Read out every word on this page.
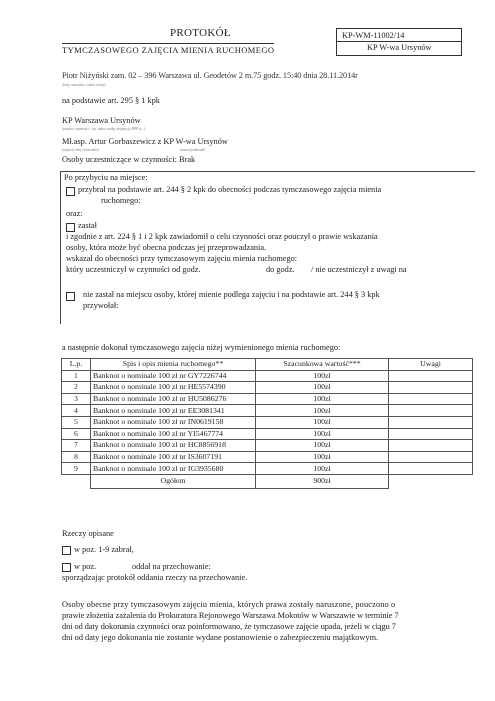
PROTOKÓŁ
TYMCZASOWEGO ZAJĘCIA MIENIA RUCHOMEGO
KP-WM-11002/14
KP W-wa Ursynów
Piotr Niżyński zam. 02 – 396 Warszawa ul. Geodetów 2 m.75 godz. 15:40 dnia 28.11.2014r
(imię, nazwisko i adres osoby)
na podstawie art. 295 § 1 kpk
KP Warszawa Ursynów
(miejsce czynności – np. adres osoby, instytucji, KPP w...)
Mł.asp. Artur Gorbaszewicz z KP W-wa Ursynów
(stopień, imię i nazwisko)	(nazwa jednostki)
Osoby uczestniczące w czynności: Brak
Po przybyciu na miejsce:
przybrał na podstawie art. 244 § 2 kpk do obecności podczas tymczasowego zajęcia mienia
ruchomego:
oraz:
zastał
i zgodnie z art. 224 § 1 i 2 kpk zawiadomił o celu czynności oraz pouczył o prawie wskazania
osoby, która może być obecna podczas jej przeprowadzania.
wskazał do obecności przy tymczasowym zajęciu mienia ruchomego:
który uczestniczył w czynności od godz.	do godz. / nie uczestniczył z uwagi na
nie zastał na miejscu osoby, której mienie podlega zajęciu i na podstawie art. 244 § 3 kpk
przywołał:
a następnie dokonał tymczasowego zajęcia niżej wymienionego mienia ruchomego:
L.p.	Spis i opis mienia ruchomego**	Szacunkowa wartość***	Uwagi
1	Banknot o nominale 100 zł nr GY7226744	100zł	
2	Banknot o nominale 100 zł nr HE5574390	100zł	
3	Banknot o nominale 100 zł nr HU5086276	100zł	
4	Banknot o nominale 100 zł nr EE3081341	100zł	
5	Banknot o nominale 100 zł nr IN0619158	100zł	
6	Banknot o nominale 100 zł nr YI5467774	100zł	
7	Banknot o nominale 100 zł nr HC8856918	100zł	
8	Banknot o nominale 100 zł nr IS3607191	100zł	
9	Banknot o nominale 100 zł nr IG3935680	100zł	
	Ogółem	900zł	
Rzeczy opisane
w poz. 1-9 zabrał,
w poz.	oddał na przechowanie:
sporządzając protokół oddania rzeczy na przechowanie.
Osoby obecne przy tymczasowym zajęciu mienia, których prawa zostały naruszone, pouczono o
prawie złożenia zażalenia do Prokuratora Rejonowego Warszawa Mokotów w Warszawie w terminie 7
dni od daty dokonania czynności oraz poinformowano, że tymczasowe zajęcie upada, jeżeli w ciągu 7
dni od daty jego dokonania nie zostanie wydane postanowienie o zabezpieczeniu majątkowym.
